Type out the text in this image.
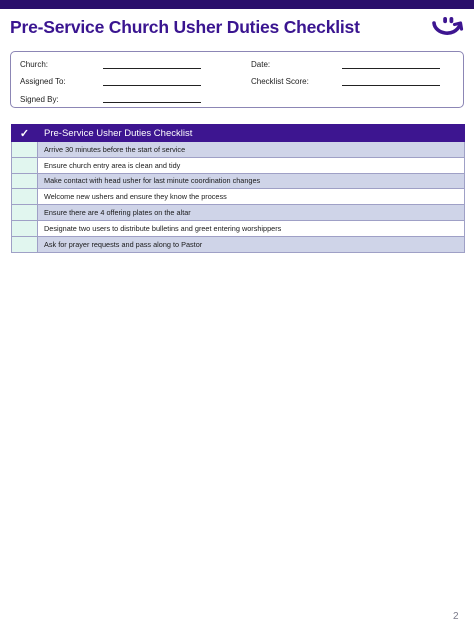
Pre-Service Church Usher Duties Checklist
Church:	Date:
Assigned To:	Checklist Score:
Signed By:
✓	Pre-Service Usher Duties Checklist
	Arrive 30 minutes before the start of service
	Ensure church entry area is clean and tidy
	Make contact with head usher for last minute coordination changes
	Welcome new ushers and ensure they know the process
	Ensure there are 4 offering plates on the altar
	Designate two users to distribute bulletins and greet entering worshippers
	Ask for prayer requests and pass along to Pastor
2
